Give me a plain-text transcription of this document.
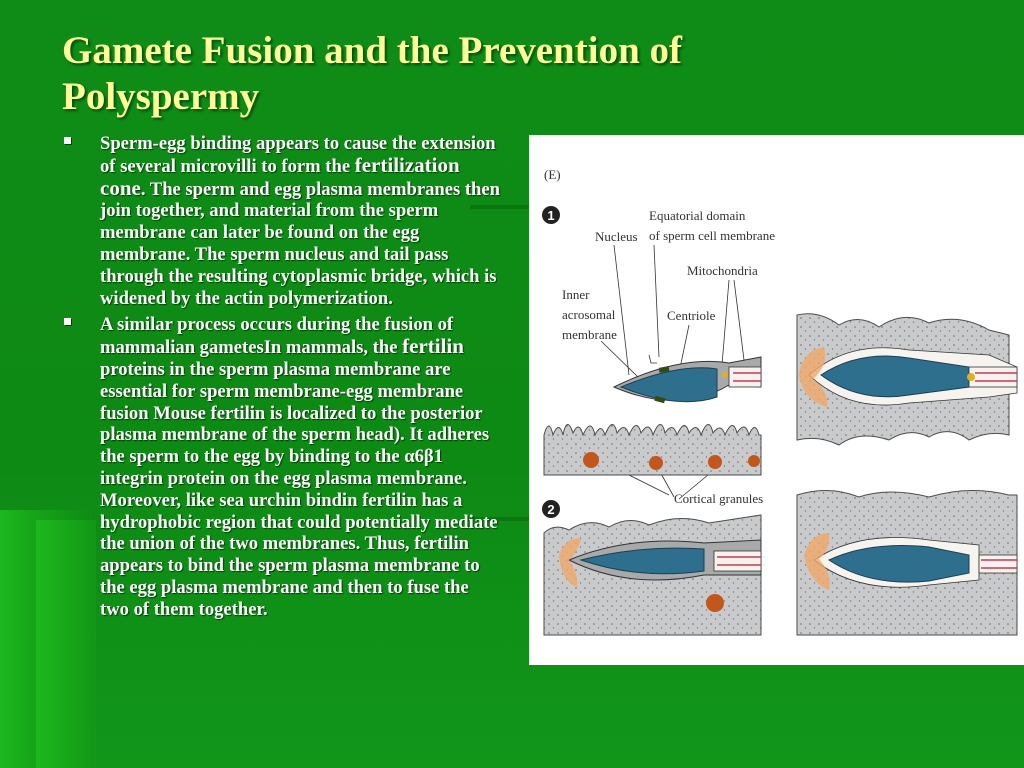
Gamete Fusion and the Prevention of Polyspermy
Sperm-egg binding appears to cause the extension of several microvilli to form the fertilization cone. The sperm and egg plasma membranes then join together, and material from the sperm membrane can later be found on the egg membrane. The sperm nucleus and tail pass through the resulting cytoplasmic bridge, which is widened by the actin polymerization.
A similar process occurs during the fusion of mammalian gametesIn mammals, the fertilin proteins in the sperm plasma membrane are essential for sperm membrane-egg membrane fusion Mouse fertilin is localized to the posterior plasma membrane of the sperm head). It adheres the sperm to the egg by binding to the α6β1 integrin protein on the egg plasma membrane. Moreover, like sea urchin bindin fertilin has a hydrophobic region that could potentially mediate the union of the two membranes. Thus, fertilin appears to bind the sperm plasma membrane to the egg plasma membrane and then to fuse the two of them together.
(E)
1
2
Nucleus
Equatorial domain
of sperm cell membrane
Mitochondria
Inner
acrosomal
membrane
Centriole
Cortical granules
